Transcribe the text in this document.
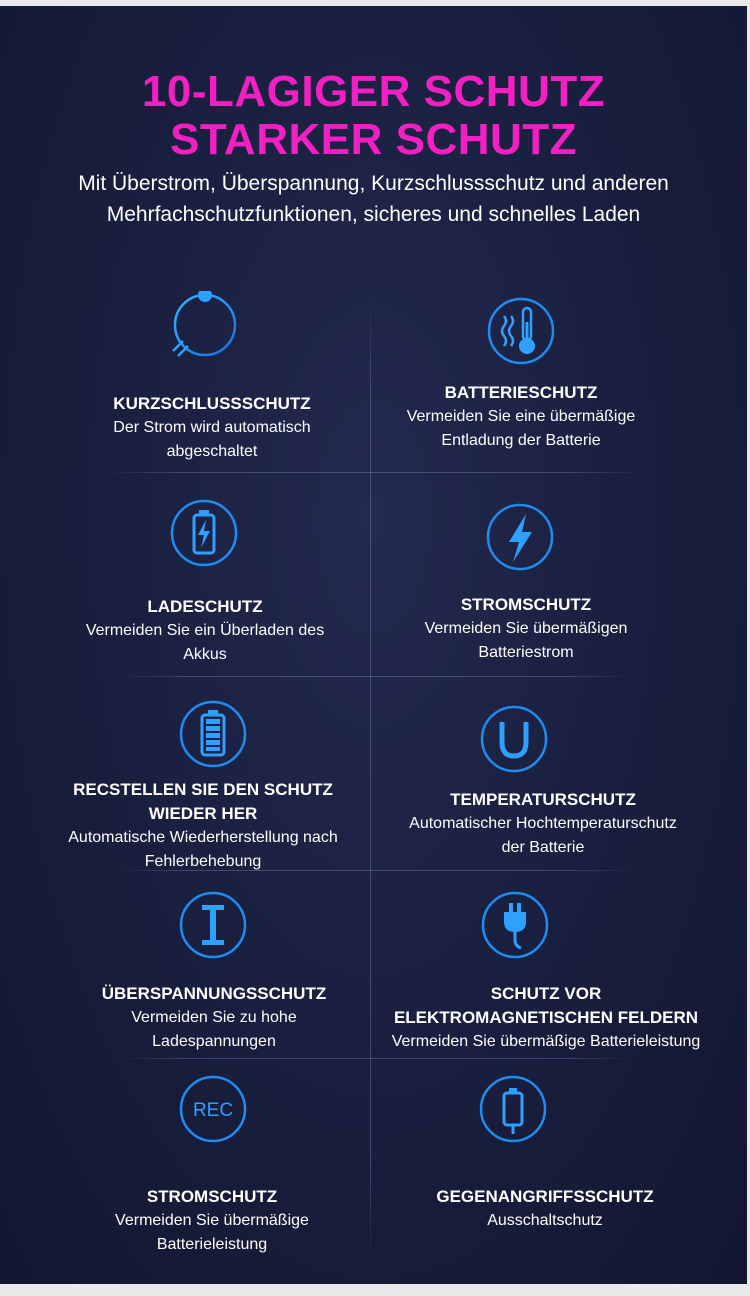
10-LAGIGER SCHUTZ
STARKER SCHUTZ
Mit Überstrom, Überspannung, Kurzschlussschutz und anderen
Mehrfachschutzfunktionen, sicheres und schnelles Laden
KURZSCHLUSSSCHUTZ
Der Strom wird automatisch
abgeschaltet
BATTERIESCHUTZ
Vermeiden Sie eine übermäßige
Entladung der Batterie
LADESCHUTZ
Vermeiden Sie ein Überladen des
Akkus
STROMSCHUTZ
Vermeiden Sie übermäßigen
Batteriestrom
RECSTELLEN SIE DEN SCHUTZ
WIEDER HER
Automatische Wiederherstellung nach
Fehlerbehebung
TEMPERATURSCHUTZ
Automatischer Hochtemperaturschutz
der Batterie
ÜBERSPANNUNGSSCHUTZ
Vermeiden Sie zu hohe
Ladespannungen
SCHUTZ VOR
ELEKTROMAGNETISCHEN FELDERN
Vermeiden Sie übermäßige Batterieleistung
REC
STROMSCHUTZ
Vermeiden Sie übermäßige
Batterieleistung
GEGENANGRIFFSSCHUTZ
Ausschaltschutz
